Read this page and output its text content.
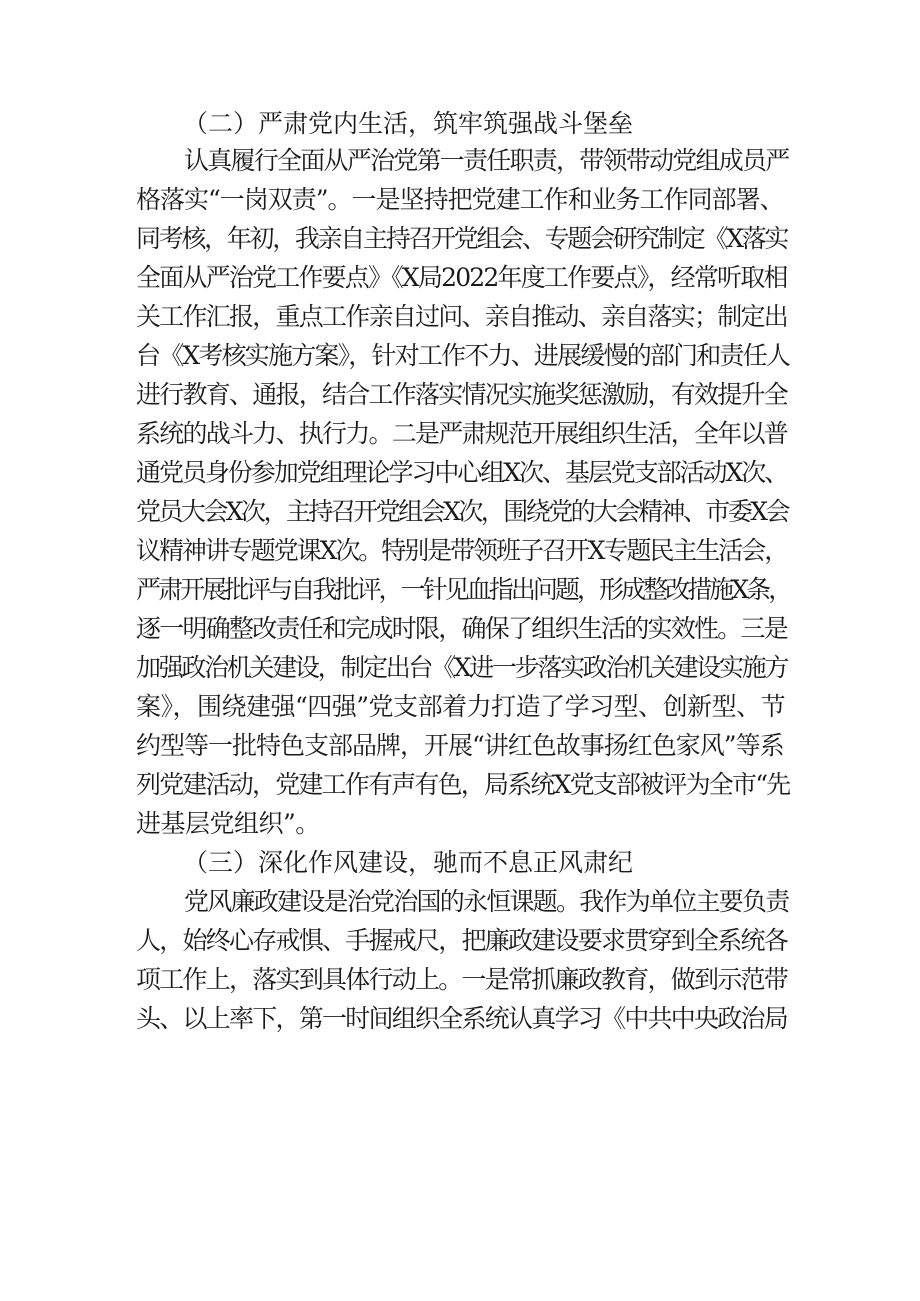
（二）严肃党内生活，筑牢筑强战斗堡垒
认真履行全面从严治党第一责任职责，带领带动党组成员严
格落实“一岗双责”。一是坚持把党建工作和业务工作同部署、
同考核，年初，我亲自主持召开党组会、专题会研究制定《X落实
全面从严治党工作要点》《X局2022年度工作要点》，经常听取相
关工作汇报，重点工作亲自过问、亲自推动、亲自落实；制定出
台《X考核实施方案》，针对工作不力、进展缓慢的部门和责任人
进行教育、通报，结合工作落实情况实施奖惩激励，有效提升全
系统的战斗力、执行力。二是严肃规范开展组织生活，全年以普
通党员身份参加党组理论学习中心组X次、基层党支部活动X次、
党员大会X次，主持召开党组会X次，围绕党的大会精神、市委X会
议精神讲专题党课X次。特别是带领班子召开X专题民主生活会，
严肃开展批评与自我批评，一针见血指出问题，形成整改措施X条，
逐一明确整改责任和完成时限，确保了组织生活的实效性。三是
加强政治机关建设，制定出台《X进一步落实政治机关建设实施方
案》，围绕建强“四强”党支部着力打造了学习型、创新型、节
约型等一批特色支部品牌，开展“讲红色故事扬红色家风”等系
列党建活动，党建工作有声有色，局系统X党支部被评为全市“先
进基层党组织”。
（三）深化作风建设，驰而不息正风肃纪
党风廉政建设是治党治国的永恒课题。我作为单位主要负责
人，始终心存戒惧、手握戒尺，把廉政建设要求贯穿到全系统各
项工作上，落实到具体行动上。一是常抓廉政教育，做到示范带
头、以上率下，第一时间组织全系统认真学习《中共中央政治局
